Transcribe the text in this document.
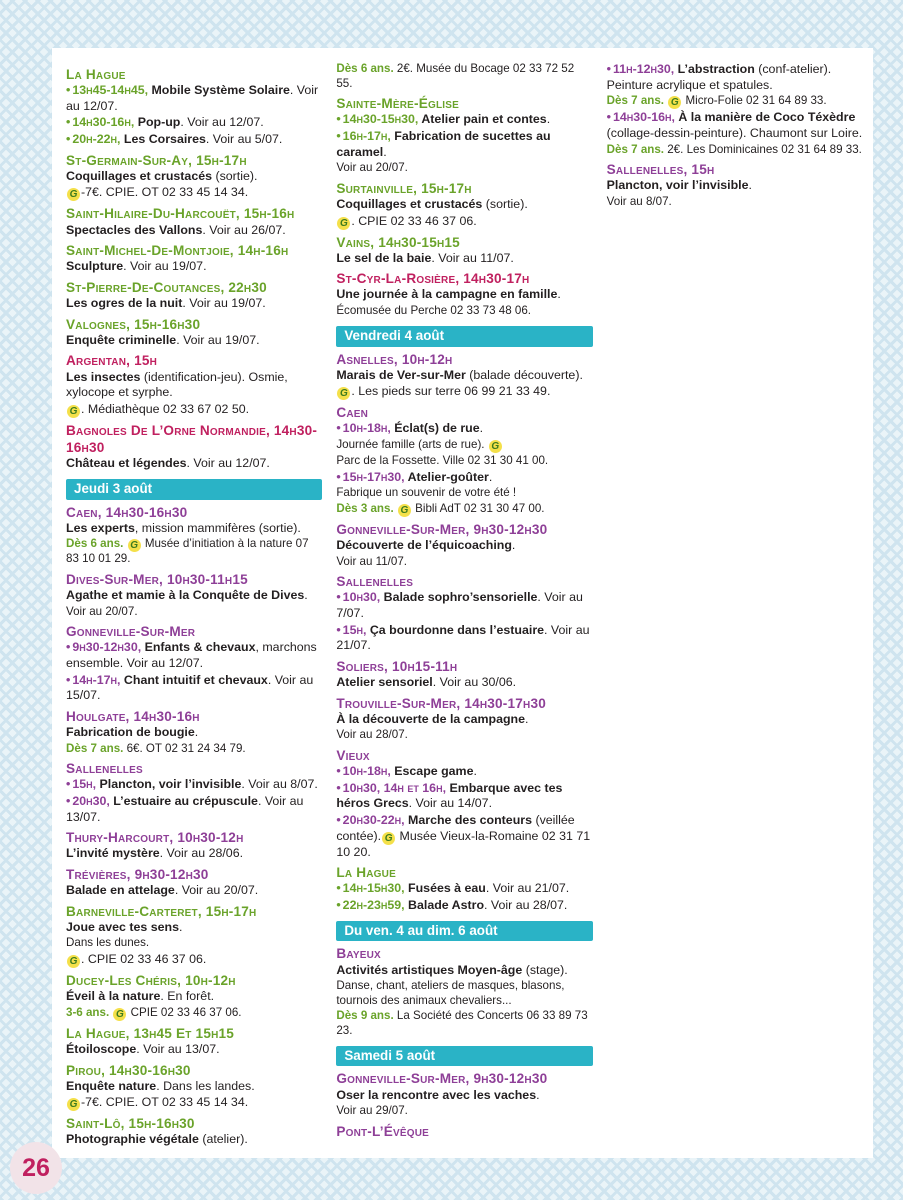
La Hague

• 13h45-14h45, Mobile Système Solaire. Voir au 12/07.

• 14h30-16h, Pop-up. Voir au 12/07.

• 20h-22h, Les Corsaires. Voir au 5/07.

St-Germain-Sur-Ay, 15h-17h

Coquillages et crustacés (sortie).

G -7€. CPIE. OT 02 33 45 14 34.

Saint-Hilaire-Du-Harcouët, 15h-16h

Spectacles des Vallons. Voir au 26/07.

Saint-Michel-De-Montjoie, 14h-16h

Sculpture. Voir au 19/07.

St-Pierre-De-Coutances, 22h30

Les ogres de la nuit. Voir au 19/07.

Valognes, 15h-16h30

Enquête criminelle. Voir au 19/07.

Argentan, 15h

Les insectes (identification-jeu). Osmie, xylocope et syrphe.

G . Médiathèque 02 33 67 02 50.

Bagnoles De L’Orne Normandie, 14h30-16h30

Château et légendes. Voir au 12/07.

Jeudi 3 août
Caen, 14h30-16h30

Les experts, mission mammifères (sortie).

Dès 6 ans. G Musée d’initiation à la nature 07 83 10 01 29.

Dives-Sur-Mer, 10h30-11h15

Agathe et mamie à la Conquête de Dives.

Voir au 20/07.

Gonneville-Sur-Mer

• 9h30-12h30, Enfants & chevaux, marchons ensemble. Voir au 12/07.

• 14h-17h, Chant intuitif et chevaux. Voir au 15/07.

Houlgate, 14h30-16h

Fabrication de bougie.

Dès 7 ans. 6€. OT 02 31 24 34 79.

Sallenelles

• 15h, Plancton, voir l’invisible. Voir au 8/07.

• 20h30, L’estuaire au crépuscule. Voir au 13/07.

Thury-Harcourt, 10h30-12h

L’invité mystère. Voir au 28/06.

Trévières, 9h30-12h30

Balade en attelage. Voir au 20/07.

Barneville-Carteret, 15h-17h

Joue avec tes sens.

Dans les dunes.

G . CPIE 02 33 46 37 06.

Ducey-Les Chéris, 10h-12h

Éveil à la nature. En forêt.

3-6 ans. G CPIE 02 33 46 37 06.

La Hague, 13h45 Et 15h15

Étoiloscope. Voir au 13/07.

Pirou, 14h30-16h30

Enquête nature. Dans les landes.

G -7€. CPIE. OT 02 33 45 14 34.

Saint-Lô, 15h-16h30

Photographie végétale (atelier).

Dès 6 ans. 2€. Musée du Bocage 02 33 72 52 55.

Sainte-Mère-Église

• 14h30-15h30, Atelier pain et contes.

• 16h-17h, Fabrication de sucettes au caramel.

Voir au 20/07.

Surtainville, 15h-17h

Coquillages et crustacés (sortie).

G . CPIE 02 33 46 37 06.

Vains, 14h30-15h15

Le sel de la baie. Voir au 11/07.

St-Cyr-La-Rosière, 14h30-17h

Une journée à la campagne en famille.

Écomusée du Perche 02 33 73 48 06.

Vendredi 4 août
Asnelles, 10h-12h

Marais de Ver-sur-Mer (balade découverte).

G . Les pieds sur terre 06 99 21 33 49.

Caen

• 10h-18h, Éclat(s) de rue.

Journée famille (arts de rue). G

Parc de la Fossette. Ville 02 31 30 41 00.

• 15h-17h30, Atelier-goûter.

Fabrique un souvenir de votre été !

Dès 3 ans. G Bibli AdT 02 31 30 47 00.

Gonneville-Sur-Mer, 9h30-12h30

Découverte de l’équicoaching.

Voir au 11/07.

Sallenelles

• 10h30, Balade sophro’sensorielle. Voir au 7/07.

• 15h, Ça bourdonne dans l’estuaire. Voir au 21/07.

Soliers, 10h15-11h

Atelier sensoriel. Voir au 30/06.

Trouville-Sur-Mer, 14h30-17h30

À la découverte de la campagne.

Voir au 28/07.

Vieux

• 10h-18h, Escape game.

• 10h30, 14h et 16h, Embarque avec tes héros Grecs. Voir au 14/07.

• 20h30-22h, Marche des conteurs (veillée contée). G Musée Vieux-la-Romaine 02 31 71 10 20.

La Hague

• 14h-15h30, Fusées à eau. Voir au 21/07.

• 22h-23h59, Balade Astro. Voir au 28/07.

Du ven. 4 au dim. 6 août
Bayeux

Activités artistiques Moyen-âge (stage).

Danse, chant, ateliers de masques, blasons, tournois des animaux chevaliers...

Dès 9 ans. La Société des Concerts 06 33 89 73 23.

Samedi 5 août
Gonneville-Sur-Mer, 9h30-12h30

Oser la rencontre avec les vaches.

Voir au 29/07.

Pont-L’Évêque

• 11h-12h30, L’abstraction (conf-atelier). Peinture acrylique et spatules.

Dès 7 ans. G Micro-Folie 02 31 64 89 33.

• 14h30-16h, À la manière de Coco Téxèdre (collage-dessin-peinture). Chaumont sur Loire.

Dès 7 ans. 2€. Les Dominicaines 02 31 64 89 33.

Sallenelles, 15h

Plancton, voir l’invisible.

Voir au 8/07.

26
